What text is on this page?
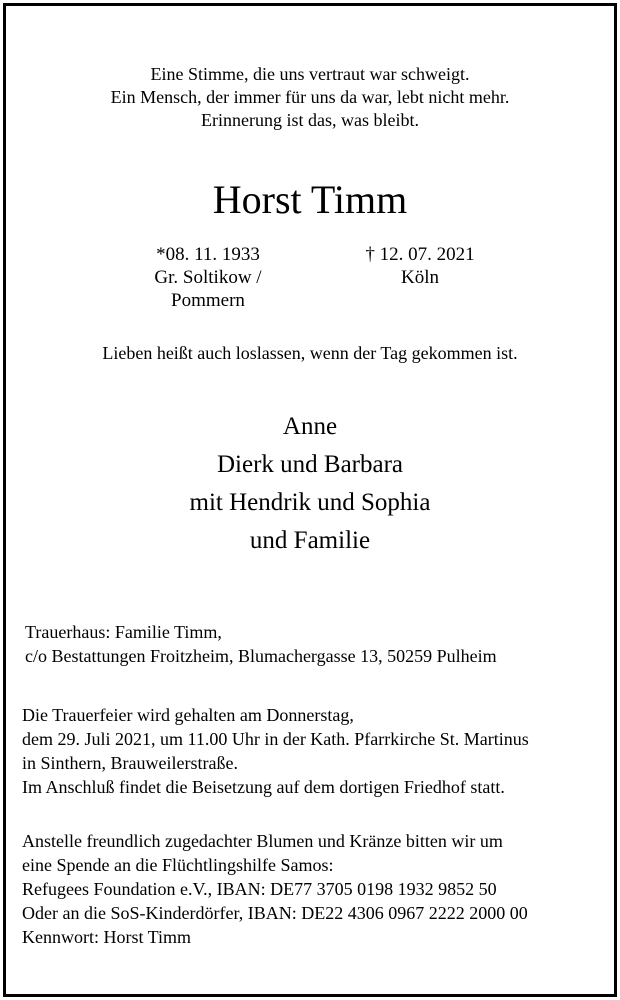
Eine Stimme, die uns vertraut war schweigt.
Ein Mensch, der immer für uns da war, lebt nicht mehr.
Erinnerung ist das, was bleibt.
Horst Timm
*08. 11. 1933
Gr. Soltikow /
Pommern
† 12. 07. 2021
Köln
Lieben heißt auch loslassen, wenn der Tag gekommen ist.
Anne
Dierk und Barbara
mit Hendrik und Sophia
und Familie
Trauerhaus: Familie Timm,
c/o Bestattungen Froitzheim, Blumachergasse 13, 50259 Pulheim
Die Trauerfeier wird gehalten am Donnerstag,
dem 29. Juli 2021, um 11.00 Uhr in der Kath. Pfarrkirche St. Martinus
in Sinthern, Brauweilerstraße.
Im Anschluß findet die Beisetzung auf dem dortigen Friedhof statt.
Anstelle freundlich zugedachter Blumen und Kränze bitten wir um
eine Spende an die Flüchtlingshilfe Samos:
Refugees Foundation e.V., IBAN: DE77 3705 0198 1932 9852 50
Oder an die SoS-Kinderdörfer, IBAN: DE22 4306 0967 2222 2000 00
Kennwort: Horst Timm
